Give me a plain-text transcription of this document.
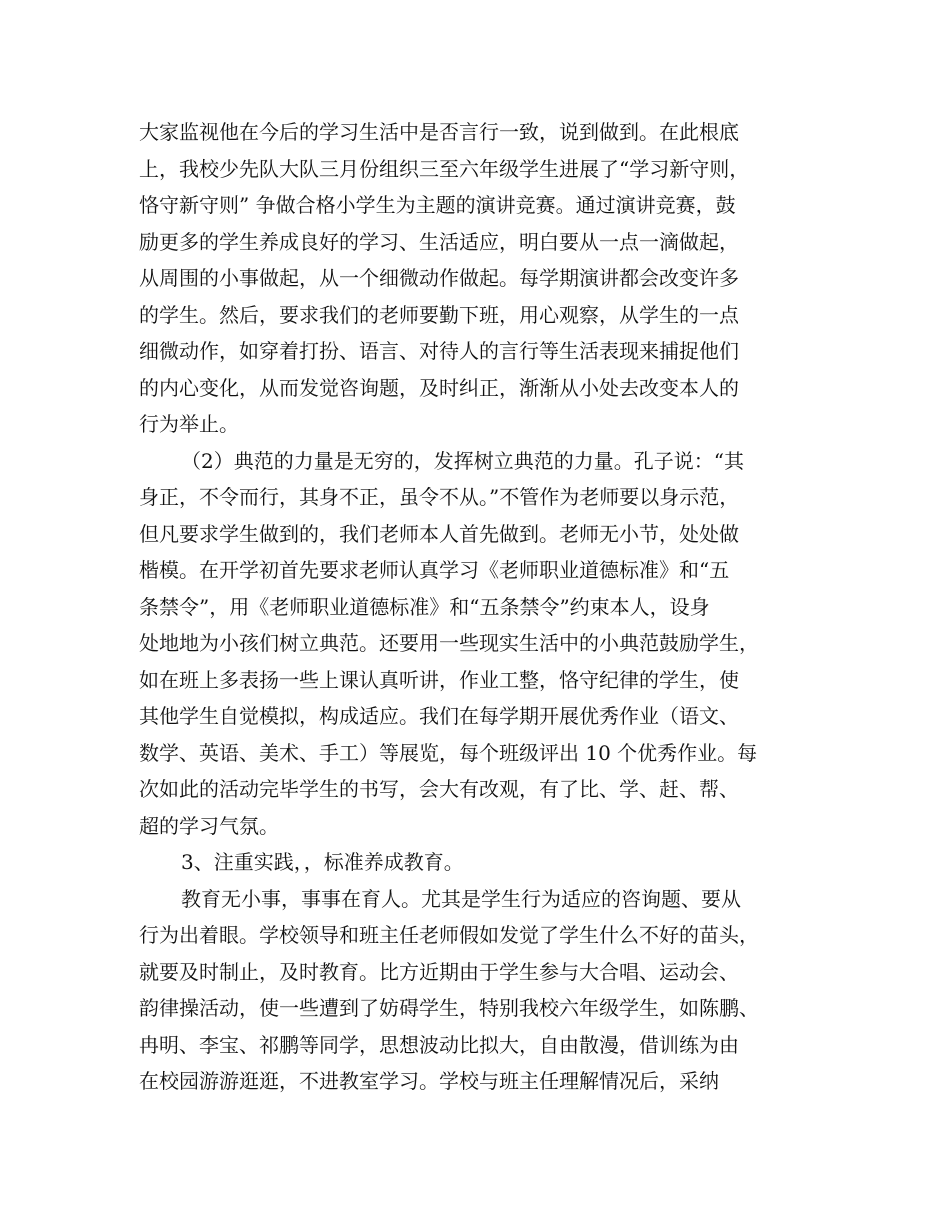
大家监视他在今后的学习生活中是否言行一致，说到做到。在此根底
上，我校少先队大队三月份组织三至六年级学生进展了“学习新守则，
恪守新守则” 争做合格小学生为主题的演讲竞赛。通过演讲竞赛，鼓
励更多的学生养成良好的学习、生活适应，明白要从一点一滴做起，
从周围的小事做起，从一个细微动作做起。每学期演讲都会改变许多
的学生。然后，要求我们的老师要勤下班，用心观察，从学生的一点
细微动作，如穿着打扮、语言、对待人的言行等生活表现来捕捉他们
的内心变化，从而发觉咨询题，及时纠正，渐渐从小处去改变本人的
行为举止。
（2）典范的力量是无穷的，发挥树立典范的力量。孔子说：“其
身正，不令而行，其身不正，虽令不从。”不管作为老师要以身示范，
但凡要求学生做到的，我们老师本人首先做到。老师无小节，处处做
楷模。在开学初首先要求老师认真学习《老师职业道德标准》和“五
条禁令”，用《老师职业道德标准》和“五条禁令”约束本人，设身
处地地为小孩们树立典范。还要用一些现实生活中的小典范鼓励学生，
如在班上多表扬一些上课认真听讲，作业工整，恪守纪律的学生，使
其他学生自觉模拟，构成适应。我们在每学期开展优秀作业（语文、
数学、英语、美术、手工）等展览，每个班级评出 10 个优秀作业。每
次如此的活动完毕学生的书写，会大有改观，有了比、学、赶、帮、
超的学习气氛。
3、注重实践，，标准养成教育。
教育无小事，事事在育人。尤其是学生行为适应的咨询题、要从
行为出着眼。学校领导和班主任老师假如发觉了学生什么不好的苗头，
就要及时制止，及时教育。比方近期由于学生参与大合唱、运动会、
韵律操活动，使一些遭到了妨碍学生，特别我校六年级学生，如陈鹏、
冉明、李宝、祁鹏等同学，思想波动比拟大，自由散漫，借训练为由
在校园游游逛逛，不进教室学习。学校与班主任理解情况后，采纳
